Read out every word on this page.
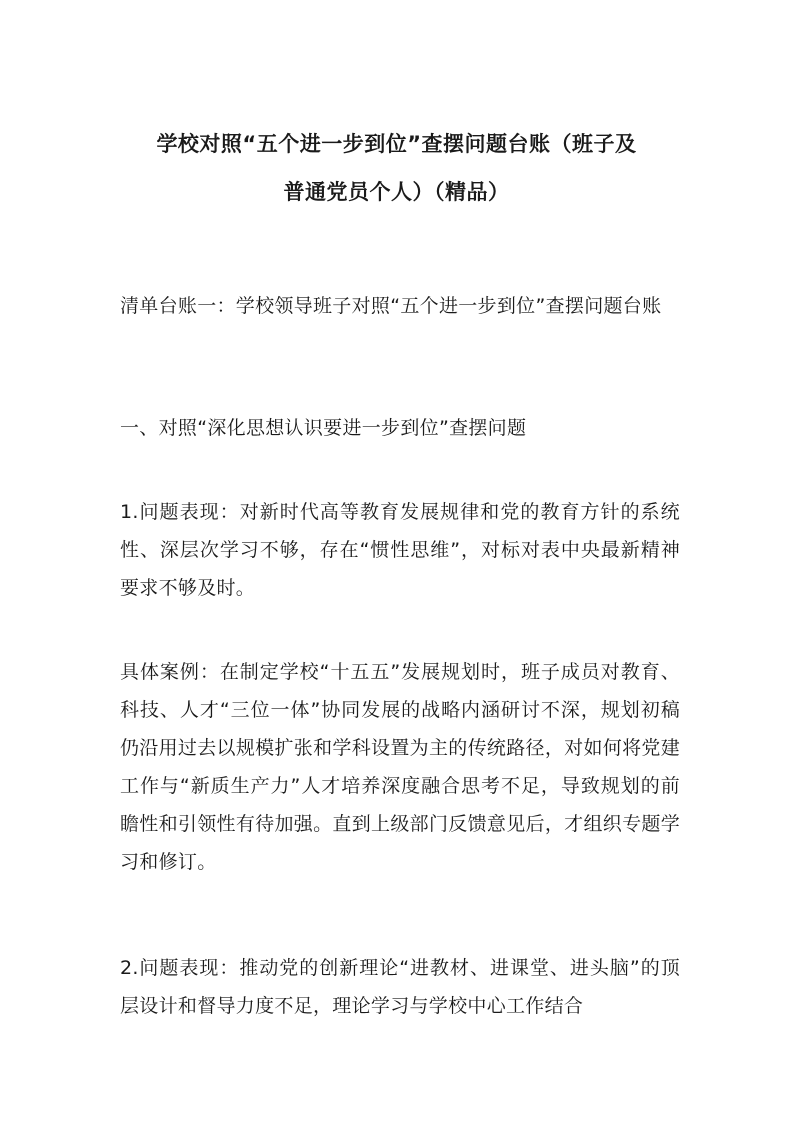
学校对照“五个进一步到位”查摆问题台账（班子及
普通党员个人）（精品）
清单台账一：学校领导班子对照“五个进一步到位”查摆问题台账
一、对照“深化思想认识要进一步到位”查摆问题
1.问题表现：对新时代高等教育发展规律和党的教育方针的系统性、深层次学习不够，存在“惯性思维”，对标对表中央最新精神要求不够及时。
具体案例：在制定学校“十五五”发展规划时，班子成员对教育、科技、人才“三位一体”协同发展的战略内涵研讨不深，规划初稿仍沿用过去以规模扩张和学科设置为主的传统路径，对如何将党建工作与“新质生产力”人才培养深度融合思考不足，导致规划的前瞻性和引领性有待加强。直到上级部门反馈意见后，才组织专题学习和修订。
2.问题表现：推动党的创新理论“进教材、进课堂、进头脑”的顶层设计和督导力度不足，理论学习与学校中心工作结合
